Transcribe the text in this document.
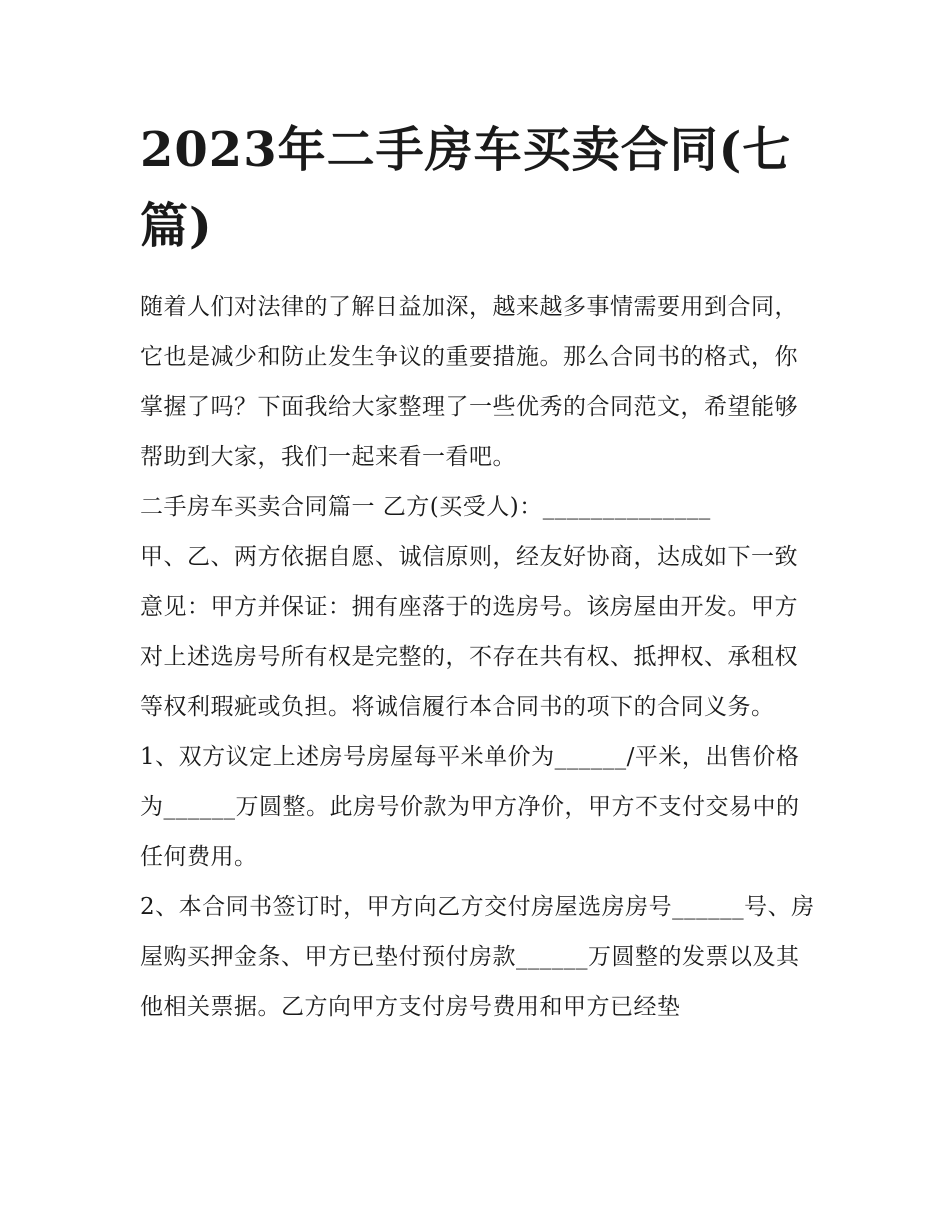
2023年二手房车买卖合同(七篇)

随着人们对法律的了解日益加深，越来越多事情需要用到合同，它也是减少和防止发生争议的重要措施。那么合同书的格式，你掌握了吗？下面我给大家整理了一些优秀的合同范文，希望能够帮助到大家，我们一起来看一看吧。

二手房车买卖合同篇一 乙方(买受人)：______________

甲、乙、两方依据自愿、诚信原则，经友好协商，达成如下一致意见：甲方并保证：拥有座落于的选房号。该房屋由开发。甲方对上述选房号所有权是完整的，不存在共有权、抵押权、承租权等权利瑕疵或负担。将诚信履行本合同书的项下的合同义务。

1、双方议定上述房号房屋每平米单价为______/平米，出售价格为______万圆整。此房号价款为甲方净价，甲方不支付交易中的任何费用。

2、本合同书签订时，甲方向乙方交付房屋选房房号______号、房屋购买押金条、甲方已垫付预付房款______万圆整的发票以及其他相关票据。乙方向甲方支付房号费用和甲方已经垫
